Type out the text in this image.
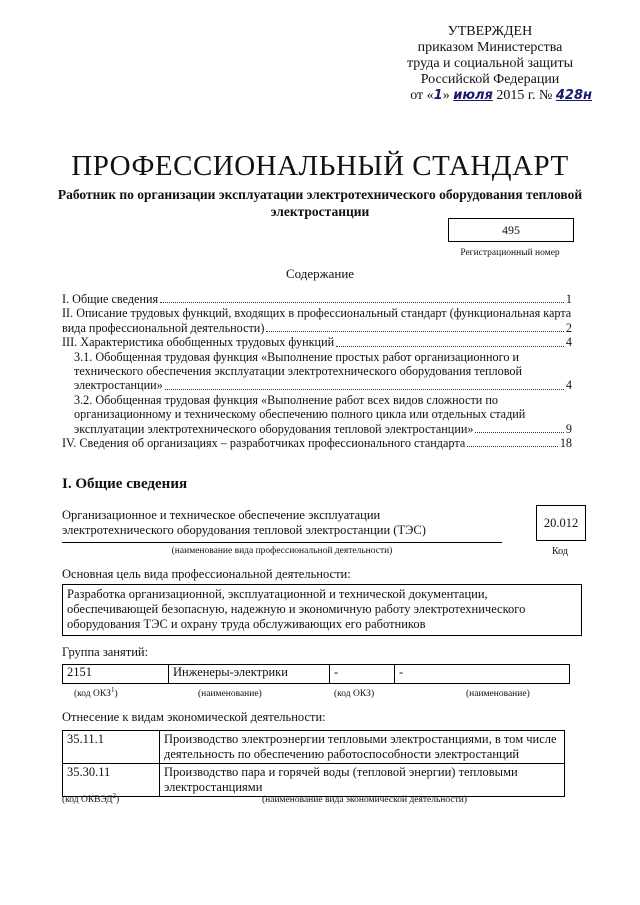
УТВЕРЖДЕН
приказом Министерства
труда и социальной защиты
Российской Федерации
от «1» июля 2015 г. № 428н
ПРОФЕССИОНАЛЬНЫЙ СТАНДАРТ
Работник по организации эксплуатации электротехнического оборудования тепловой электростанции
495
Регистрационный номер
Содержание
I. Общие сведения	1
II. Описание трудовых функций, входящих в профессиональный стандарт (функциональная карта
вида профессиональной деятельности)	2
III. Характеристика обобщенных трудовых функций	4
3.1. Обобщенная трудовая функция «Выполнение простых работ организационного и
технического обеспечения эксплуатации электротехнического оборудования тепловой
электростанции»	4
3.2. Обобщенная трудовая функция «Выполнение работ всех видов сложности по
организационному и техническому обеспечению полного цикла или отдельных стадий
эксплуатации электротехнического оборудования тепловой электростанции»	9
IV. Сведения об организациях – разработчиках профессионального стандарта	18
I. Общие сведения
Организационное и техническое обеспечение эксплуатации
электротехнического оборудования тепловой электростанции (ТЭС)
(наименование вида профессиональной деятельности)
20.012
Код
Основная цель вида профессиональной деятельности:
Разработка организационной, эксплуатационной и технической документации, обеспечивающей безопасную, надежную и экономичную работу электротехнического оборудования ТЭС и охрану труда обслуживающих его работников
Группа занятий:
2151	Инженеры-электрики	-	-
(код ОКЗ$^1$)	(наименование)	(код ОКЗ)	(наименование)
Отнесение к видам экономической деятельности:
35.11.1	Производство электроэнергии тепловыми электростанциями, в том числе деятельность по обеспечению работоспособности электростанций
35.30.11	Производство пара и горячей воды (тепловой энергии) тепловыми электростанциями
(код ОКВЭД$^2$)	(наименование вида экономической деятельности)
